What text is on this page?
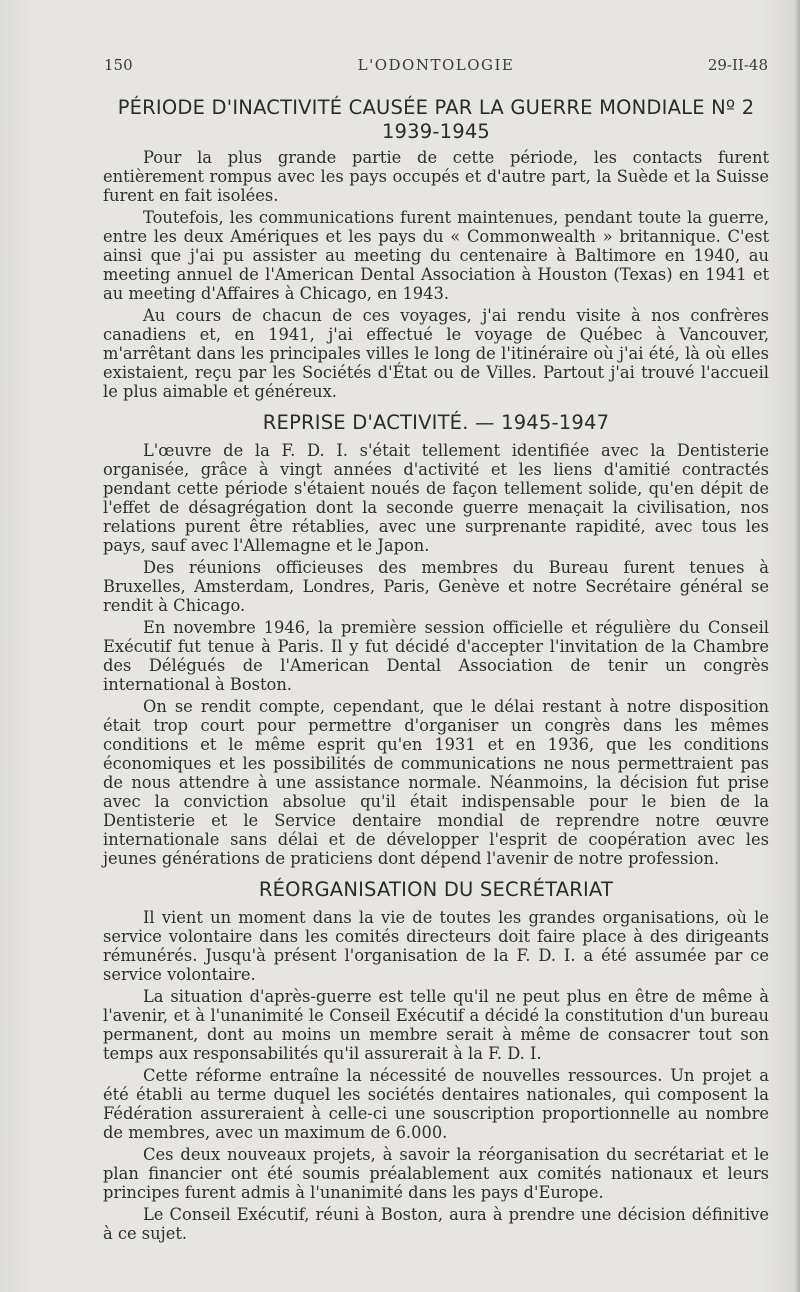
150	L'ODONTOLOGIE	29-II-48
PÉRIODE D'INACTIVITÉ CAUSÉE PAR LA GUERRE MONDIALE Nº 2
1939-1945

Pour la plus grande partie de cette période, les contacts furent entièrement rompus avec les pays occupés et d'autre part, la Suède et la Suisse furent en fait isolées.

Toutefois, les communications furent maintenues, pendant toute la guerre, entre les deux Amériques et les pays du « Commonwealth » britannique. C'est ainsi que j'ai pu assister au meeting du centenaire à Baltimore en 1940, au meeting annuel de l'American Dental Association à Houston (Texas) en 1941 et au meeting d'Affaires à Chicago, en 1943.

Au cours de chacun de ces voyages, j'ai rendu visite à nos confrères canadiens et, en 1941, j'ai effectué le voyage de Québec à Vancouver, m'arrêtant dans les principales villes le long de l'itinéraire où j'ai été, là où elles existaient, reçu par les Sociétés d'État ou de Villes. Partout j'ai trouvé l'accueil le plus aimable et généreux.

REPRISE D'ACTIVITÉ. — 1945-1947

L'œuvre de la F. D. I. s'était tellement identifiée avec la Dentisterie organisée, grâce à vingt années d'activité et les liens d'amitié contractés pendant cette période s'étaient noués de façon tellement solide, qu'en dépit de l'effet de désagrégation dont la seconde guerre menaçait la civilisation, nos relations purent être rétablies, avec une surprenante rapidité, avec tous les pays, sauf avec l'Allemagne et le Japon.

Des réunions officieuses des membres du Bureau furent tenues à Bruxelles, Amsterdam, Londres, Paris, Genève et notre Secrétaire général se rendit à Chicago.

En novembre 1946, la première session officielle et régulière du Conseil Exécutif fut tenue à Paris. Il y fut décidé d'accepter l'invitation de la Chambre des Délégués de l'American Dental Association de tenir un congrès international à Boston.

On se rendit compte, cependant, que le délai restant à notre disposition était trop court pour permettre d'organiser un congrès dans les mêmes conditions et le même esprit qu'en 1931 et en 1936, que les conditions économiques et les possibilités de communications ne nous permettraient pas de nous attendre à une assistance normale. Néanmoins, la décision fut prise avec la conviction absolue qu'il était indispensable pour le bien de la Dentisterie et le Service dentaire mondial de reprendre notre œuvre internationale sans délai et de développer l'esprit de coopération avec les jeunes générations de praticiens dont dépend l'avenir de notre profession.

RÉORGANISATION DU SECRÉTARIAT

Il vient un moment dans la vie de toutes les grandes organisations, où le service volontaire dans les comités directeurs doit faire place à des dirigeants rémunérés. Jusqu'à présent l'organisation de la F. D. I. a été assumée par ce service volontaire.

La situation d'après-guerre est telle qu'il ne peut plus en être de même à l'avenir, et à l'unanimité le Conseil Exécutif a décidé la constitution d'un bureau permanent, dont au moins un membre serait à même de consacrer tout son temps aux responsabilités qu'il assurerait à la F. D. I.

Cette réforme entraîne la nécessité de nouvelles ressources. Un projet a été établi au terme duquel les sociétés dentaires nationales, qui composent la Fédération assureraient à celle-ci une souscription proportionnelle au nombre de membres, avec un maximum de 6.000.

Ces deux nouveaux projets, à savoir la réorganisation du secrétariat et le plan financier ont été soumis préalablement aux comités nationaux et leurs principes furent admis à l'unanimité dans les pays d'Europe.

Le Conseil Exécutif, réuni à Boston, aura à prendre une décision définitive à ce sujet.
